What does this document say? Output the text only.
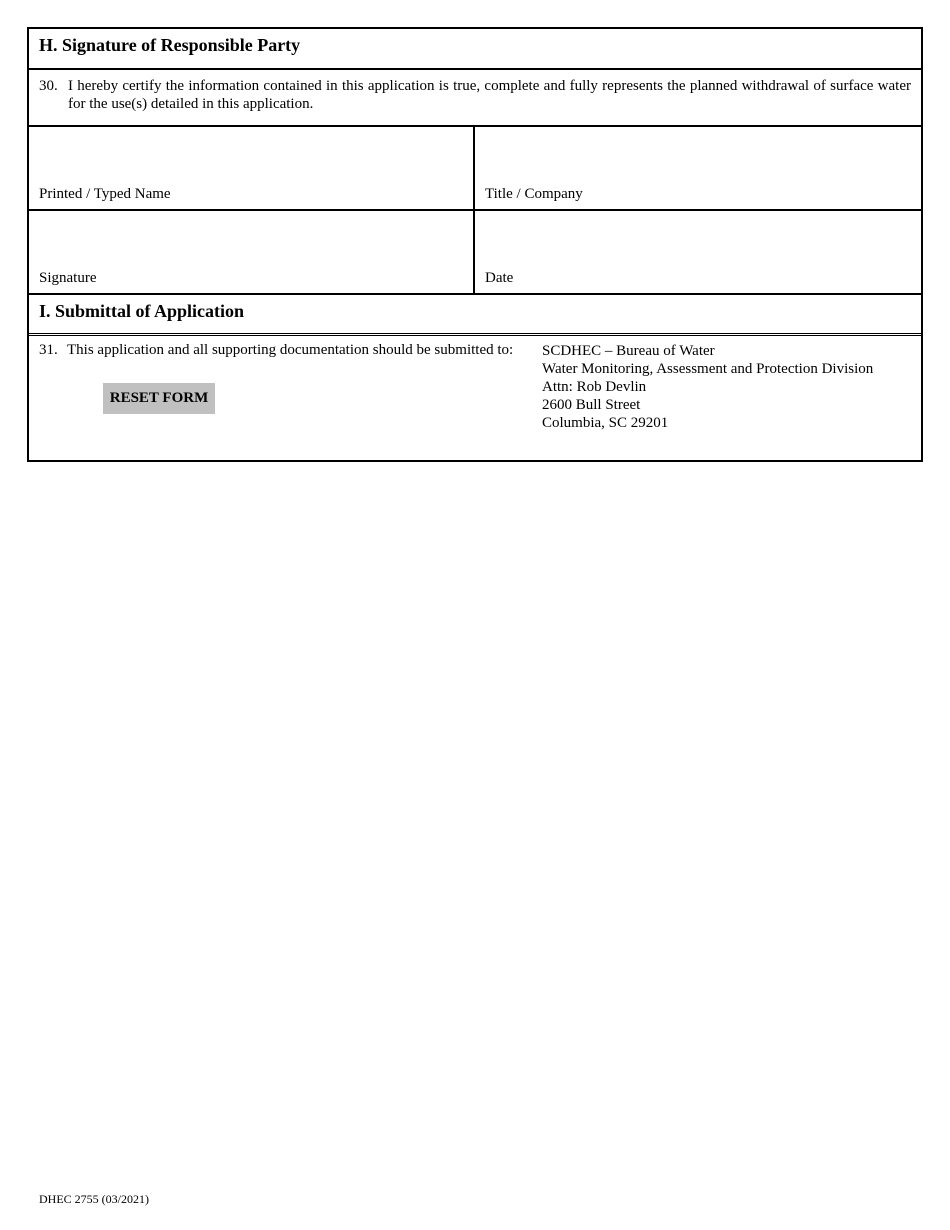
H. Signature of Responsible Party
30. I hereby certify the information contained in this application is true, complete and fully represents the planned withdrawal of surface water for the use(s) detailed in this application.
Printed / Typed Name	Title / Company
Signature	Date
I. Submittal of Application
31. This application and all supporting documentation should be submitted to:
RESET FORM
SCDHEC – Bureau of Water
Water Monitoring, Assessment and Protection Division
Attn: Rob Devlin
2600 Bull Street
Columbia, SC 29201
DHEC 2755 (03/2021)
